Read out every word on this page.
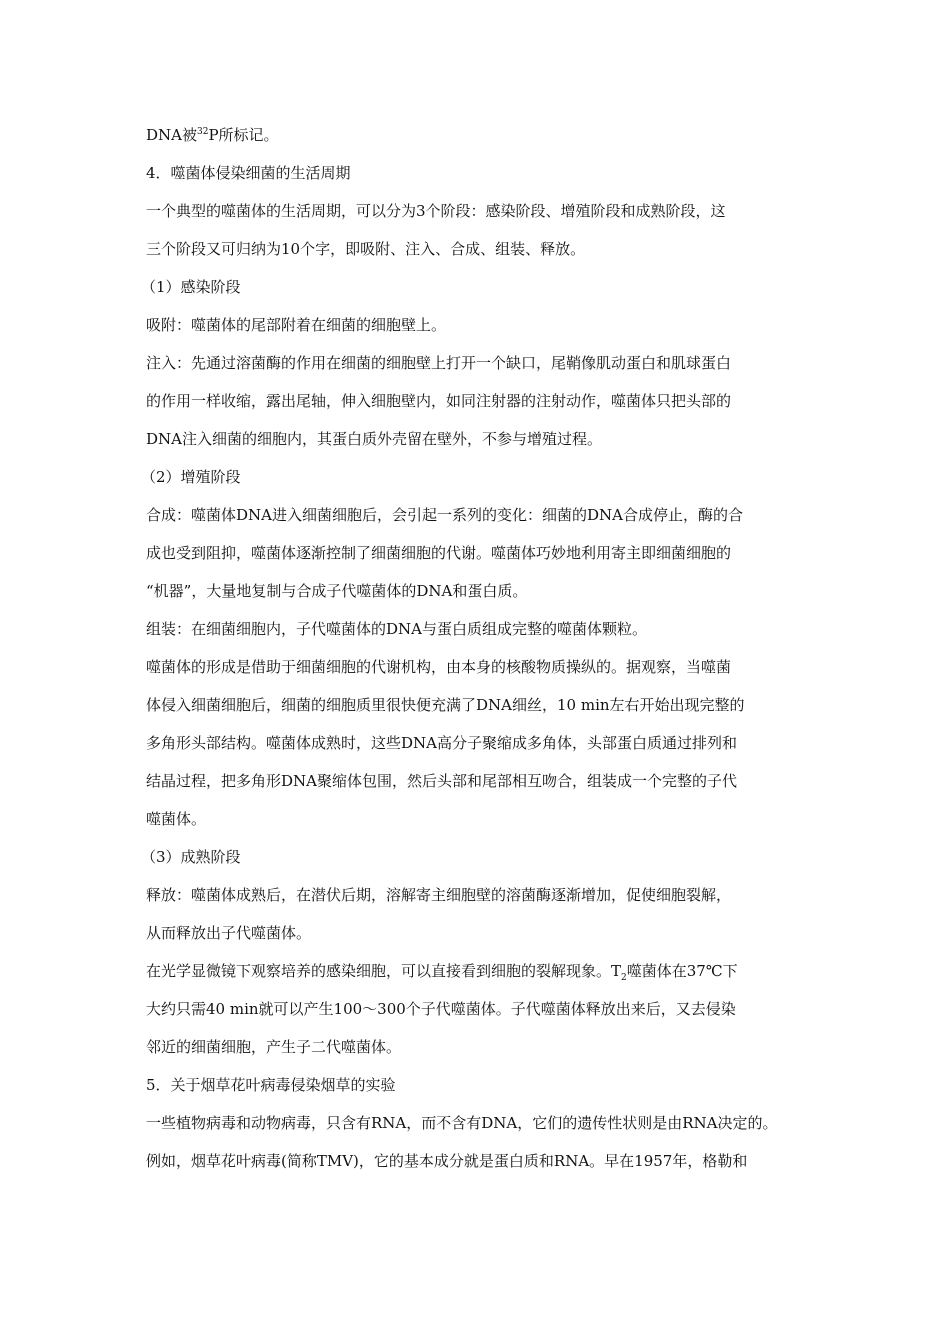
DNA被$^{32}$P所标记。
4．噬菌体侵染细菌的生活周期
一个典型的噬菌体的生活周期，可以分为3个阶段：感染阶段、增殖阶段和成熟阶段，这
三个阶段又可归纳为10个字，即吸附、注入、合成、组装、释放。
（1）感染阶段
吸附：噬菌体的尾部附着在细菌的细胞壁上。
注入：先通过溶菌酶的作用在细菌的细胞壁上打开一个缺口，尾鞘像肌动蛋白和肌球蛋白
的作用一样收缩，露出尾轴，伸入细胞壁内，如同注射器的注射动作，噬菌体只把头部的
DNA注入细菌的细胞内，其蛋白质外壳留在壁外，不参与增殖过程。
（2）增殖阶段
合成：噬菌体DNA进入细菌细胞后，会引起一系列的变化：细菌的DNA合成停止，酶的合
成也受到阻抑，噬菌体逐渐控制了细菌细胞的代谢。噬菌体巧妙地利用寄主即细菌细胞的
“机器”，大量地复制与合成子代噬菌体的DNA和蛋白质。
组装：在细菌细胞内，子代噬菌体的DNA与蛋白质组成完整的噬菌体颗粒。
噬菌体的形成是借助于细菌细胞的代谢机构，由本身的核酸物质操纵的。据观察，当噬菌
体侵入细菌细胞后，细菌的细胞质里很快便充满了DNA细丝，10 min左右开始出现完整的
多角形头部结构。噬菌体成熟时，这些DNA高分子聚缩成多角体，头部蛋白质通过排列和
结晶过程，把多角形DNA聚缩体包围，然后头部和尾部相互吻合，组装成一个完整的子代
噬菌体。
（3）成熟阶段
释放：噬菌体成熟后，在潜伏后期，溶解寄主细胞壁的溶菌酶逐渐增加，促使细胞裂解，
从而释放出子代噬菌体。
在光学显微镜下观察培养的感染细胞，可以直接看到细胞的裂解现象。$T_2$噬菌体在37℃下
大约只需40 min就可以产生100～300个子代噬菌体。子代噬菌体释放出来后，又去侵染
邻近的细菌细胞，产生子二代噬菌体。
5．关于烟草花叶病毒侵染烟草的实验
一些植物病毒和动物病毒，只含有RNA，而不含有DNA，它们的遗传性状则是由RNA决定的。
例如，烟草花叶病毒(简称TMV)，它的基本成分就是蛋白质和RNA。早在1957年，格勒和
